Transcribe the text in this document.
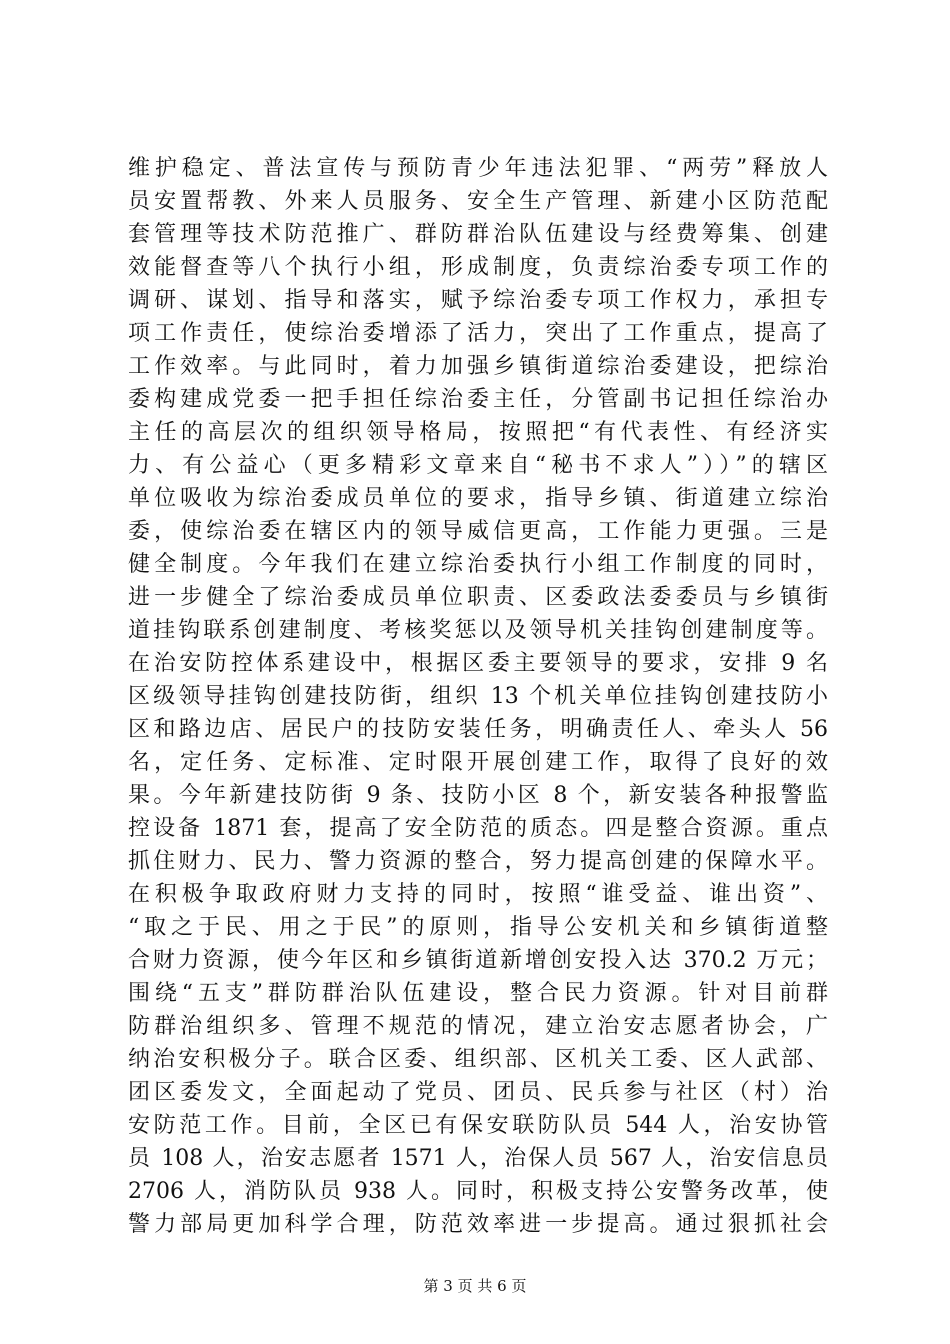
维护稳定、普法宣传与预防青少年违法犯罪、“两劳”释放人
员安置帮教、外来人员服务、安全生产管理、新建小区防范配
套管理等技术防范推广、群防群治队伍建设与经费筹集、创建
效能督查等八个执行小组，形成制度，负责综治委专项工作的
调研、谋划、指导和落实，赋予综治委专项工作权力，承担专
项工作责任，使综治委增添了活力，突出了工作重点，提高了
工作效率。与此同时，着力加强乡镇街道综治委建设，把综治
委构建成党委一把手担任综治委主任，分管副书记担任综治办
主任的高层次的组织领导格局，按照把“有代表性、有经济实
力、有公益心（更多精彩文章来自“秘书不求人”））”的辖区
单位吸收为综治委成员单位的要求，指导乡镇、街道建立综治
委，使综治委在辖区内的领导威信更高，工作能力更强。三是
健全制度。今年我们在建立综治委执行小组工作制度的同时，
进一步健全了综治委成员单位职责、区委政法委委员与乡镇街
道挂钩联系创建制度、考核奖惩以及领导机关挂钩创建制度等。
在治安防控体系建设中，根据区委主要领导的要求，安排 9 名
区级领导挂钩创建技防街，组织 13 个机关单位挂钩创建技防小
区和路边店、居民户的技防安装任务，明确责任人、牵头人 56
名，定任务、定标准、定时限开展创建工作，取得了良好的效
果。今年新建技防街 9 条、技防小区 8 个，新安装各种报警监
控设备 1871 套，提高了安全防范的质态。四是整合资源。重点
抓住财力、民力、警力资源的整合，努力提高创建的保障水平。
在积极争取政府财力支持的同时，按照“谁受益、谁出资”、
“取之于民、用之于民”的原则，指导公安机关和乡镇街道整
合财力资源，使今年区和乡镇街道新增创安投入达 370.2 万元；
围绕“五支”群防群治队伍建设，整合民力资源。针对目前群
防群治组织多、管理不规范的情况，建立治安志愿者协会，广
纳治安积极分子。联合区委、组织部、区机关工委、区人武部、
团区委发文，全面起动了党员、团员、民兵参与社区（村）治
安防范工作。目前，全区已有保安联防队员 544 人，治安协管
员 108 人，治安志愿者 1571 人，治保人员 567 人，治安信息员
2706 人，消防队员 938 人。同时，积极支持公安警务改革，使
警力部局更加科学合理，防范效率进一步提高。通过狠抓社会
第 3 页 共 6 页
